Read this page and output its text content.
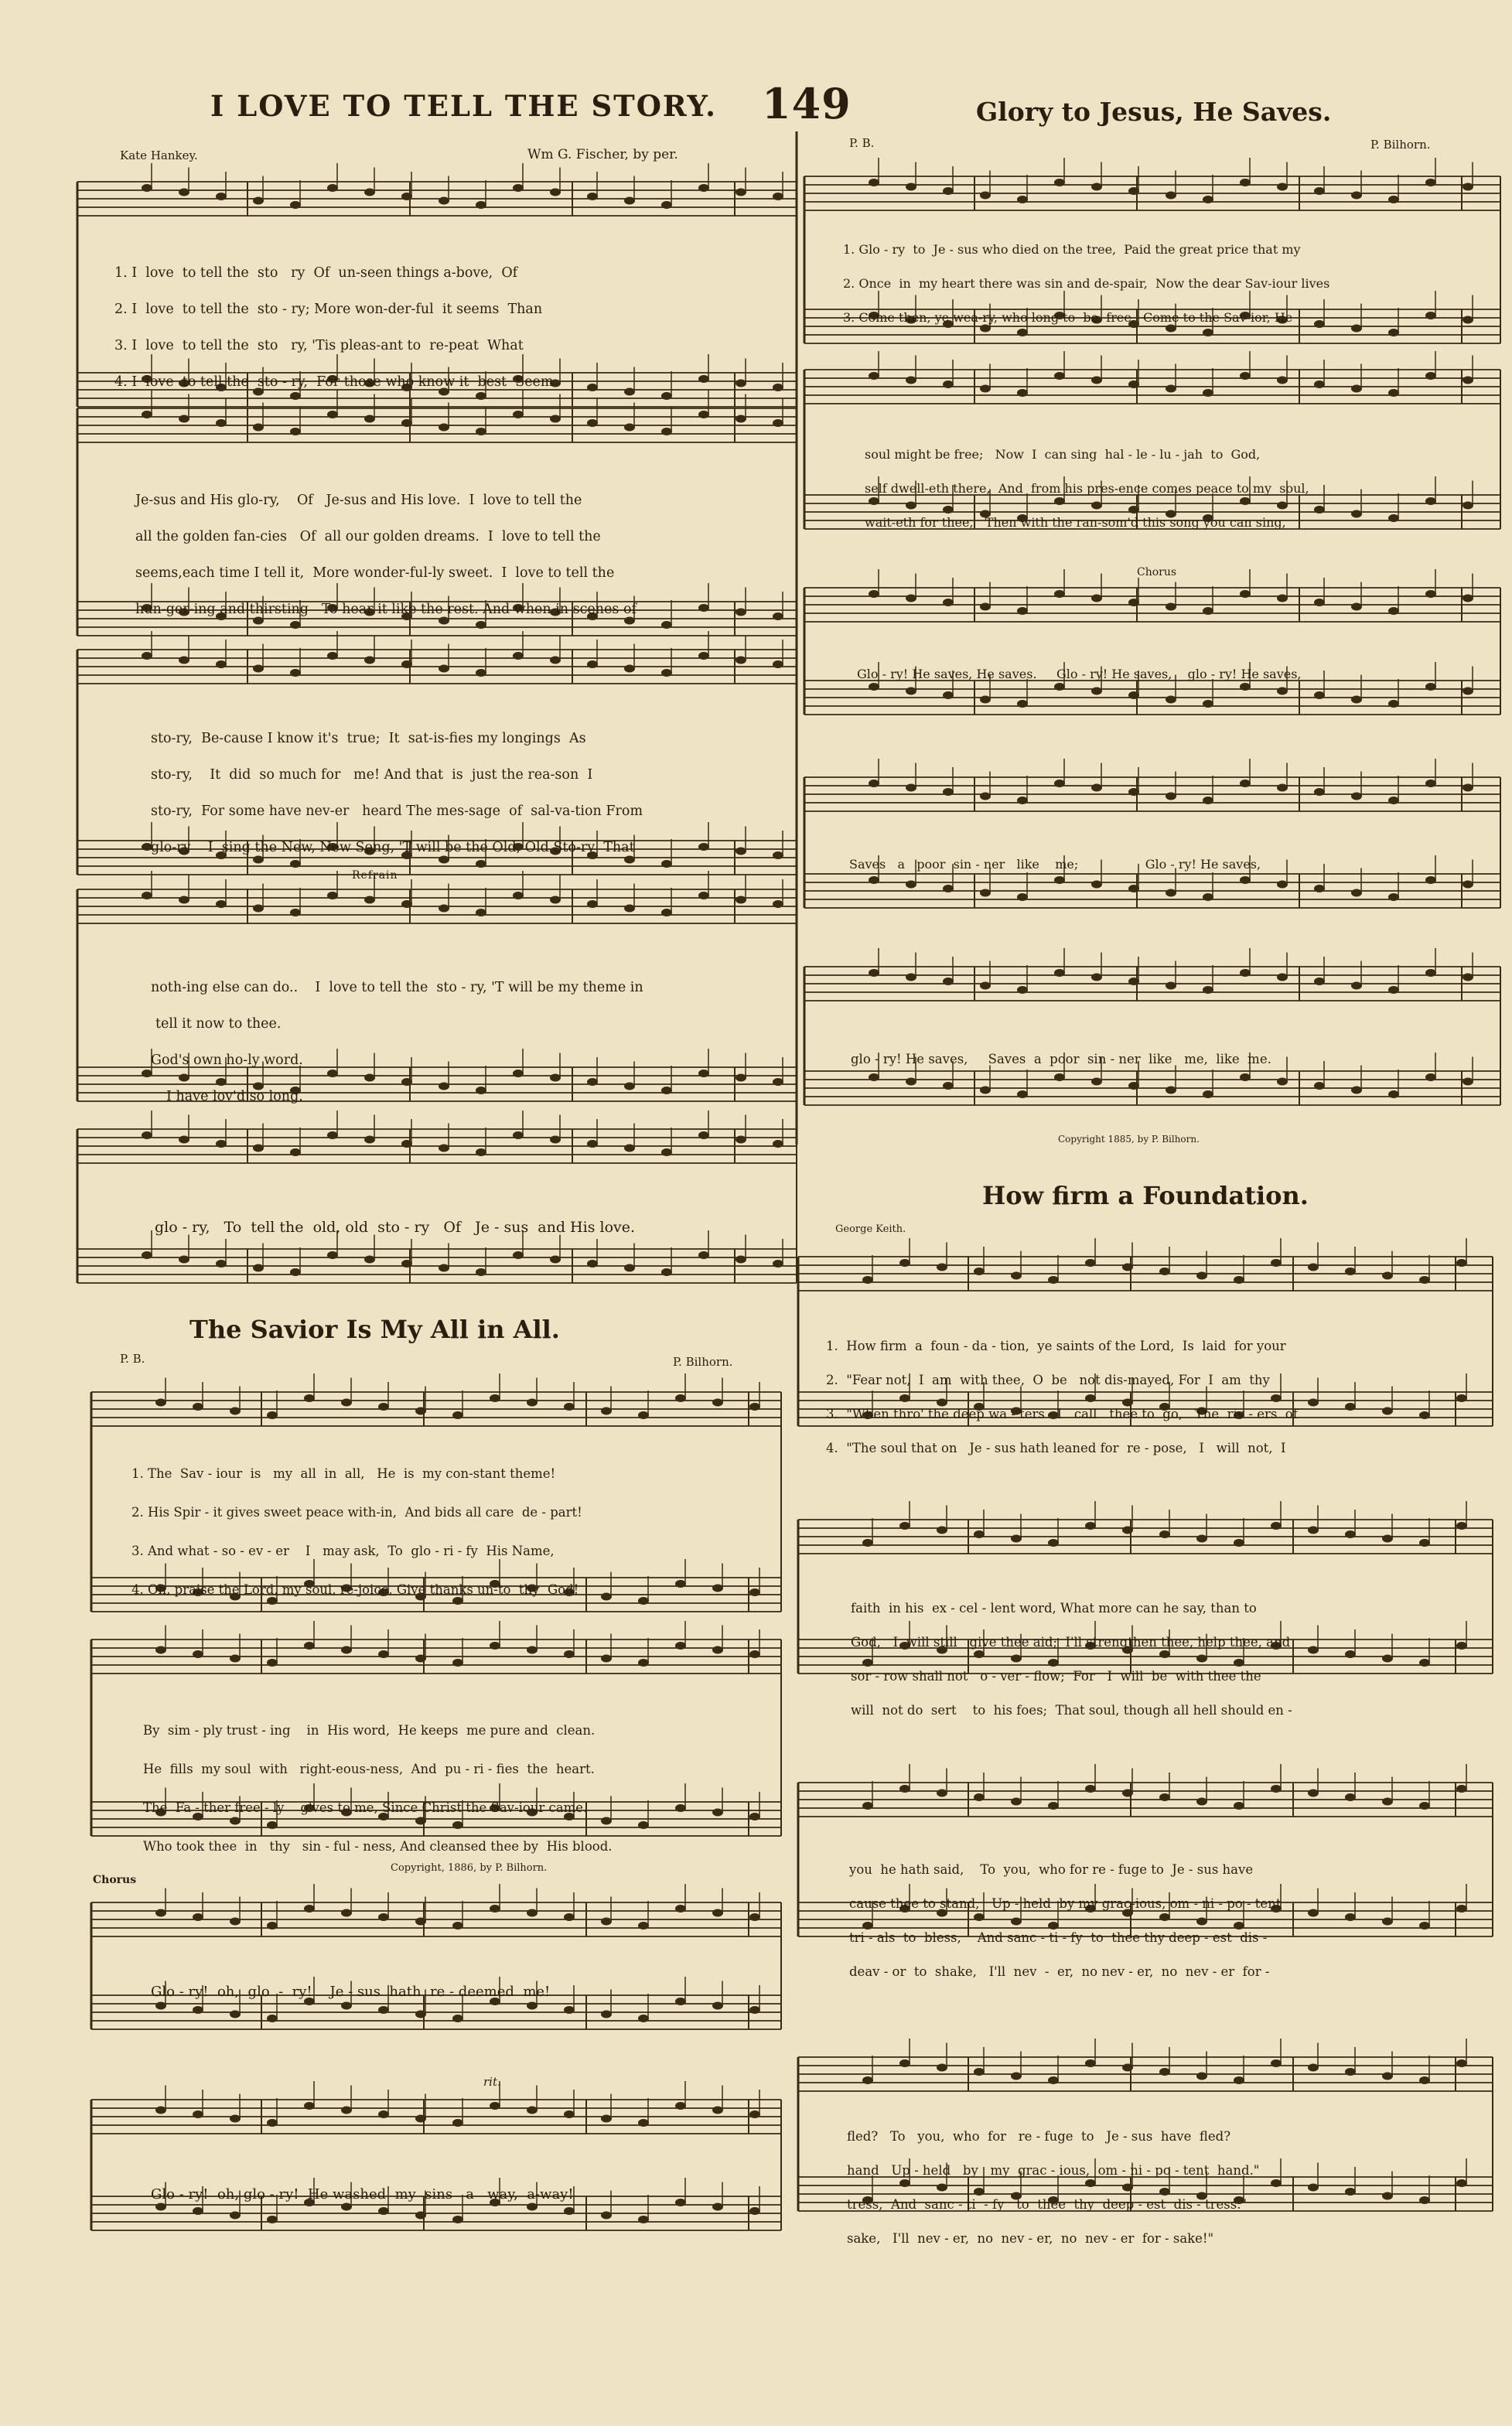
I LOVE TO TELL THE STORY. 149	Glory to Jesus, He Saves.
Kate Hankey.	Wm G. Fischer, by per.
P. B.	P. Bilhorn.

1. I  love  to tell the  sto   ry  Of  un-seen things a-bove,  Of

2. I  love  to tell the  sto - ry; More won-der-ful  it seems  Than

3. I  love  to tell the  sto   ry, 'Tis pleas-ant to  re-peat  What

4. I  love  to tell the  sto - ry,  For those who know it  best  Seem

Je-sus and His glo-ry,    Of   Je-sus and His love.  I  love to tell the

all the golden fan-cies   Of  all our golden dreams.  I  love to tell the

seems,each time I tell it,  More wonder-ful-ly sweet.  I  love to tell the

hun-ger-ing and thirsting   To hear it like the rest. And when in scenes of

sto-ry,  Be-cause I know it's  true;  It  sat-is-fies my longings  As

sto-ry,    It  did  so much for   me! And that  is  just the rea-son  I

sto-ry,  For some have nev-er   heard The mes-sage  of  sal-va-tion From

glo-ry    I  sing the New, New Song, 'T will be the Old, Old Sto-ry  That

Refrain

noth-ing else can do..    I  love to tell the  sto - ry, 'T will be my theme in

tell it now to thee.

God's own ho-ly word.

I have lov'd so long.

glo - ry,   To  tell the  old, old  sto - ry   Of   Je - sus  and His love.

The Savior Is My All in All.
P. B.	P. Bilhorn.

1. The  Sav - iour  is   my  all  in  all,   He  is  my con-stant theme!

2. His Spir - it gives sweet peace with-in,  And bids all care  de - part!

3. And what - so - ev - er    I   may ask,  To  glo - ri - fy  His Name,

4. Oh, praise the Lord, my soul, re-joice, Give thanks un-to  thy  God!

By  sim - ply trust - ing    in  His word,  He keeps  me pure and  clean.

He  fills  my soul  with   right-eous-ness,  And  pu - ri - fies  the  heart.

The  Fa - ther free - ly    g'ves to me, Since Christ the Sav-iour came.

Who took thee  in   thy   sin - ful - ness, And cleansed thee by  His blood.

Copyright, 1886, by P. Bilhorn.
Chorus

Glo - ry!  oh,  glo  -  ry!    Je - sus  hath  re - deemed  me!

rit.

Glo - ry!  oh, glo - ry!  He washed  my  sins   a   way,  a-way!

1. Glo - ry  to  Je - sus who died on the tree,  Paid the great price that my

2. Once  in  my heart there was sin and de-spair,  Now the dear Sav-iour lives

3. Come then, ye wea-ry, who long to  be  free,  Come to the Sav-ior, He

soul might be free;   Now  I  can sing  hal - le - lu - jah  to  God,

self dwell-eth there,  And  from his pres-ence comes peace to my  soul,

wait-eth for thee,   Then with the ran-som'd this song you can sing,

Chorus

Glo - ry! He saves, He saves.     Glo - ry! He saves,    glo - ry! He saves,

Saves   a   poor  sin - ner   like    me;                 Glo - ry! He saves,

glo - ry! He saves,     Saves  a  poor  sin - ner  like   me,  like  me.

Copyright 1885, by P. Bilhorn.
How firm a Foundation.
George Keith.

1.  How firm  a  foun - da - tion,  ye saints of the Lord,  Is  laid  for your

2.  "Fear not,  I  am  with thee,  O  be   not dis-mayed, For  I  am  thy

3.  "When thro' the deep wa - ters   I   call   thee to  go,   The  riv - ers  of

4.  "The soul that on   Je - sus hath leaned for  re - pose,   I   will  not,  I

faith  in his  ex - cel - lent word, What more can he say, than to

God,   I  will still   give thee aid;  I'll strengthen thee, help thee, and

sor - row shall not   o - ver - flow;  For   I  will  be  with thee the

will  not do  sert    to  his foes;  That soul, though all hell should en -

you  he hath said,    To  you,  who for re - fuge to  Je - sus have

cause thee to stand,   Up - held  by my grac-ious, om - ni - po - tent

tri - als  to  bless,    And sanc - ti - fy  to  thee thy deep - est  dis -

deav - or  to  shake,   I'll  nev  -  er,  no nev - er,  no  nev - er  for -

fled?   To   you,  who  for   re - fuge  to   Je - sus  have  fled?

hand   Up - held   by   my  grac - ious,  om - ni - po - tent  hand."

tress,  And  sanc - ti  - fy   to  thee  thy  deep - est  dis - tress."

sake,   I'll  nev - er,  no  nev - er,  no  nev - er  for - sake!"
